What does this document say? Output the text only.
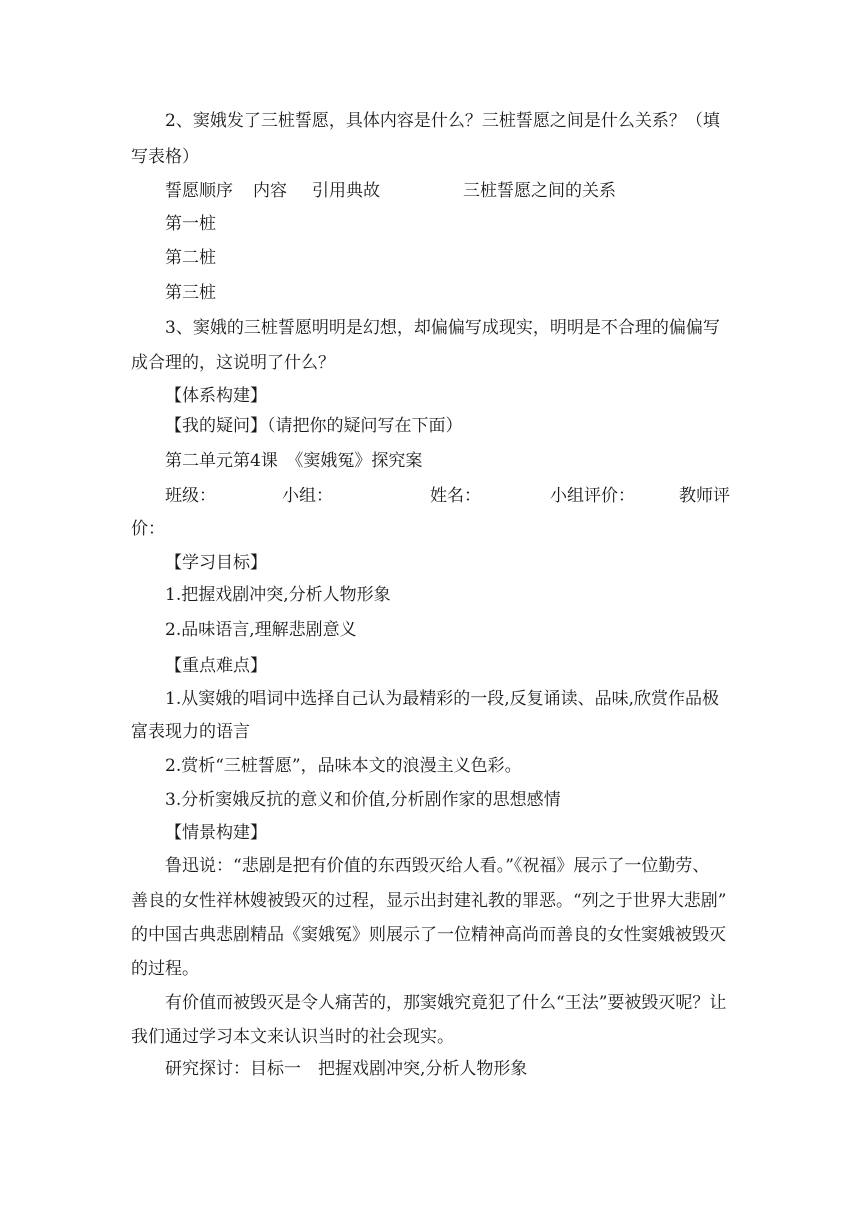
2、窦娥发了三桩誓愿，具体内容是什么？三桩誓愿之间是什么关系？（填
写表格）
誓愿顺序 内容 引用典故	三桩誓愿之间的关系
第一桩
第二桩
第三桩
3、窦娥的三桩誓愿明明是幻想，却偏偏写成现实，明明是不合理的偏偏写
成合理的，这说明了什么？
【体系构建】
【我的疑问】（请把你的疑问写在下面）
第二单元第4课　《窦娥冤》探究案
班级：	小组：	姓名：	小组评价：	教师评
价：
【学习目标】
1.把握戏剧冲突,分析人物形象
2.品味语言,理解悲剧意义
【重点难点】
1.从窦娥的唱词中选择自己认为最精彩的一段,反复诵读、品味,欣赏作品极
富表现力的语言
2.赏析“三桩誓愿”，品味本文的浪漫主义色彩。
3.分析窦娥反抗的意义和价值,分析剧作家的思想感情
【情景构建】
鲁迅说：“悲剧是把有价值的东西毁灭给人看。”《祝福》展示了一位勤劳、
善良的女性祥林嫂被毁灭的过程，显示出封建礼教的罪恶。“列之于世界大悲剧”
的中国古典悲剧精品《窦娥冤》则展示了一位精神高尚而善良的女性窦娥被毁灭
的过程。
有价值而被毁灭是令人痛苦的，那窦娥究竟犯了什么“王法”要被毁灭呢？让
我们通过学习本文来认识当时的社会现实。
研究探讨：目标一　把握戏剧冲突,分析人物形象
